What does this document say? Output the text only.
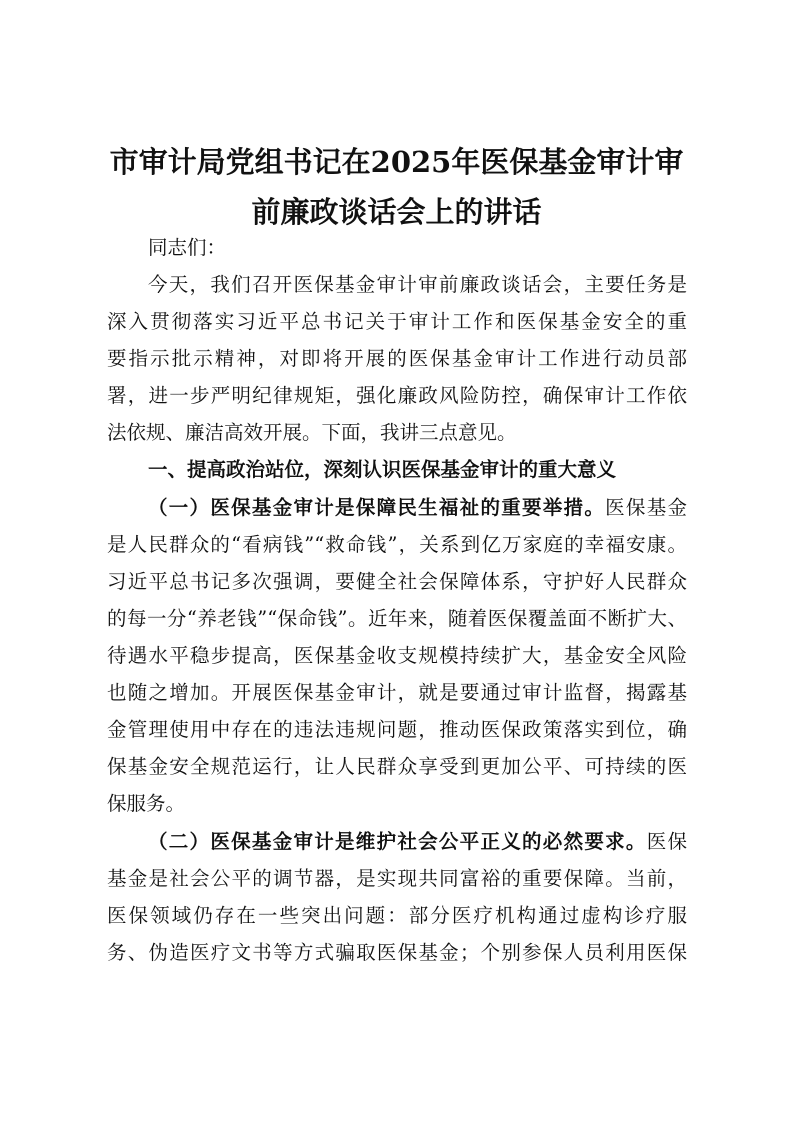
市审计局党组书记在2025年医保基金审计审
前廉政谈话会上的讲话
同志们：
今天，我们召开医保基金审计审前廉政谈话会，主要任务是
深入贯彻落实习近平总书记关于审计工作和医保基金安全的重
要指示批示精神，对即将开展的医保基金审计工作进行动员部
署，进一步严明纪律规矩，强化廉政风险防控，确保审计工作依
法依规、廉洁高效开展。下面，我讲三点意见。
一、提高政治站位，深刻认识医保基金审计的重大意义
（一）医保基金审计是保障民生福祉的重要举措。医保基金
是人民群众的“看病钱”“救命钱”，关系到亿万家庭的幸福安康。
习近平总书记多次强调，要健全社会保障体系，守护好人民群众
的每一分“养老钱”“保命钱”。近年来，随着医保覆盖面不断扩大、
待遇水平稳步提高，医保基金收支规模持续扩大，基金安全风险
也随之增加。开展医保基金审计，就是要通过审计监督，揭露基
金管理使用中存在的违法违规问题，推动医保政策落实到位，确
保基金安全规范运行，让人民群众享受到更加公平、可持续的医
保服务。
（二）医保基金审计是维护社会公平正义的必然要求。医保
基金是社会公平的调节器，是实现共同富裕的重要保障。当前，
医保领域仍存在一些突出问题：部分医疗机构通过虚构诊疗服
务、伪造医疗文书等方式骗取医保基金；个别参保人员利用医保
